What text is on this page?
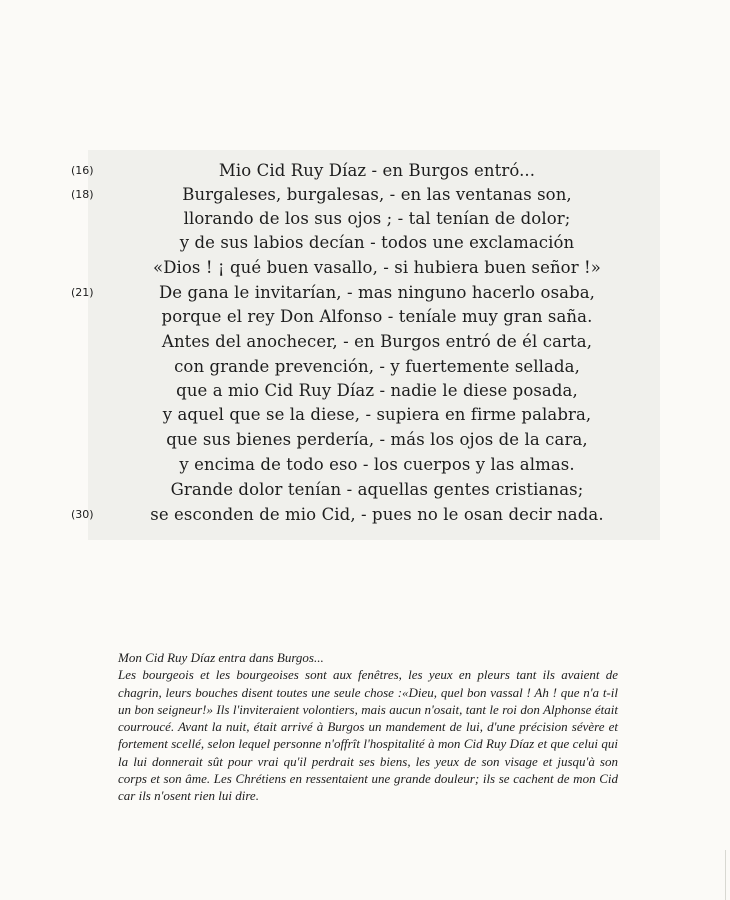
(16)
(18)
(21)
(30)
Mio Cid Ruy Díaz - en Burgos entró...
Burgaleses, burgalesas, - en las ventanas son,
llorando de los sus ojos ; - tal tenían de dolor;
y de sus labios decían - todos une exclamación
«Dios ! ¡ qué buen vasallo, - si hubiera buen señor !»
De gana le invitarían, - mas ninguno hacerlo osaba,
porque el rey Don Alfonso - teníale muy gran saña.
Antes del anochecer, - en Burgos entró de él carta,
con grande prevención, - y fuertemente sellada,
que a mio Cid Ruy Díaz - nadie le diese posada,
y aquel que se la diese, - supiera en firme palabra,
que sus bienes perdería, - más los ojos de la cara,
y encima de todo eso - los cuerpos y las almas.
Grande dolor tenían - aquellas gentes cristianas;
se esconden de mio Cid, - pues no le osan decir nada.

Mon Cid Ruy Díaz entra dans Burgos...

Les bourgeois et les bourgeoises sont aux fenêtres, les yeux en pleurs tant ils avaient de chagrin, leurs bouches disent toutes une seule chose :«Dieu, quel bon vassal ! Ah ! que n'a t-il un bon seigneur!» Ils l'inviteraient volontiers, mais aucun n'osait, tant le roi don Alphonse était courroucé. Avant la nuit, était arrivé à Burgos un mandement de lui, d'une précision sévère et fortement scellé, selon lequel personne n'offrît l'hospitalité à mon Cid Ruy Díaz et que celui qui la lui donnerait sût pour vrai qu'il perdrait ses biens, les yeux de son visage et jusqu'à son corps et son âme. Les Chrétiens en ressentaient une grande douleur; ils se cachent de mon Cid car ils n'osent rien lui dire.
